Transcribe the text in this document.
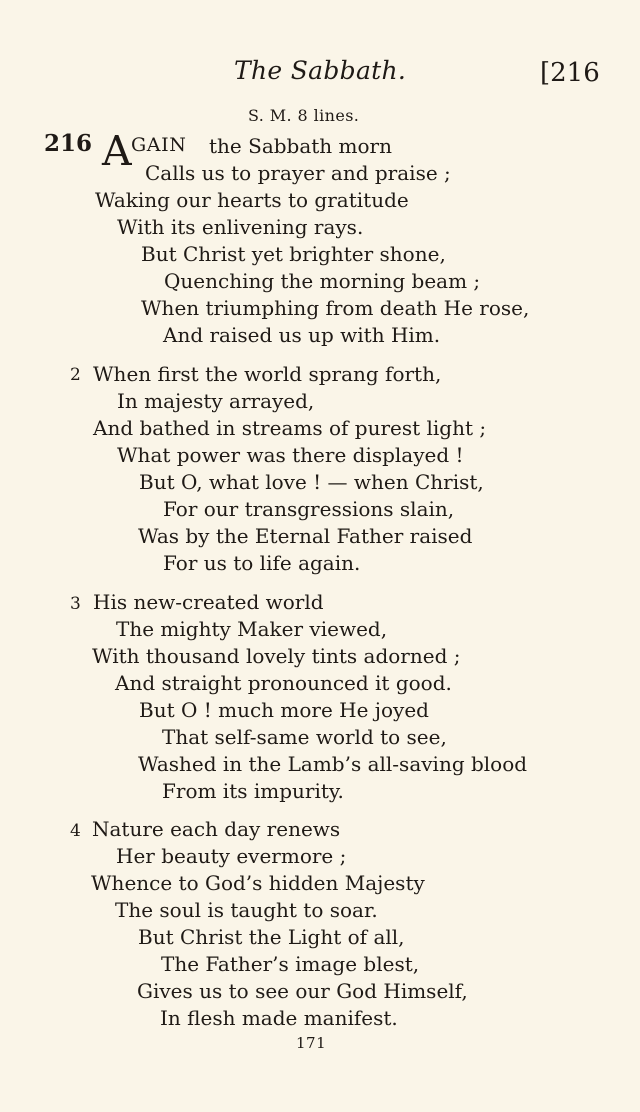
The Sabbath.	[216
S. M. 8 lines.
216 A GAIN the Sabbath morn
Calls us to prayer and praise ;
Waking our hearts to gratitude
With its enlivening rays.
But Christ yet brighter shone,
Quenching the morning beam ;
When triumphing from death He rose,
And raised us up with Him.
2 When first the world sprang forth,
In majesty arrayed,
And bathed in streams of purest light ;
What power was there displayed !
But O, what love ! — when Christ,
For our transgressions slain,
Was by the Eternal Father raised
For us to life again.
3 His new-created world
The mighty Maker viewed,
With thousand lovely tints adorned ;
And straight pronounced it good.
But O ! much more He joyed
That self-same world to see,
Washed in the Lamb’s all-saving blood
From its impurity.
4 Nature each day renews
Her beauty evermore ;
Whence to God’s hidden Majesty
The soul is taught to soar.
But Christ the Light of all,
The Father’s image blest,
Gives us to see our God Himself,
In flesh made manifest.
171
